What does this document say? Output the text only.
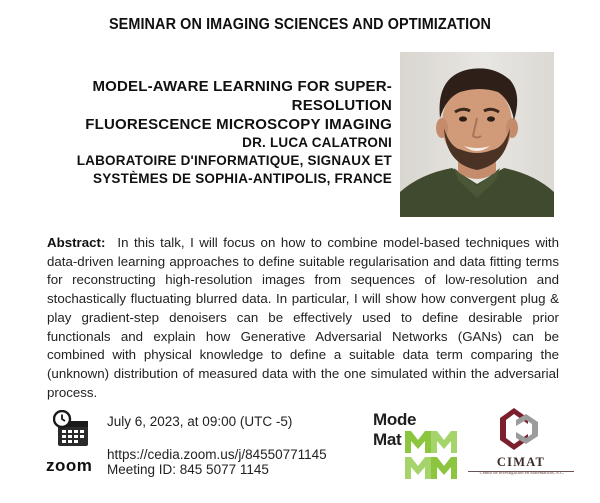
SEMINAR ON IMAGING SCIENCES AND OPTIMIZATION
MODEL-AWARE LEARNING FOR SUPER-RESOLUTION
FLUORESCENCE MICROSCOPY IMAGING
DR. LUCA CALATRONI
LABORATOIRE D'INFORMATIQUE, SIGNAUX ET
SYSTÈMES DE SOPHIA-ANTIPOLIS, FRANCE
Abstract: In this talk, I will focus on how to combine model-based techniques with data-driven learning approaches to define suitable regularisation and data fitting terms for reconstructing high-resolution images from sequences of low-resolution and stochastically fluctuating blurred data. In particular, I will show how convergent plug & play gradient-step denoisers can be effectively used to define desirable prior functionals and explain how Generative Adversarial Networks (GANs) can be combined with physical knowledge to define a suitable data term comparing the (unknown) distribution of measured data with the one simulated within the adversarial process.
July 6, 2023, at 09:00 (UTC -5)
https://cedia.zoom.us/j/84550771145
Meeting ID: 845 5077 1145
zoom
Mode
Mat
CIMAT
Centro de Investigación en Matemáticas, A.C.
